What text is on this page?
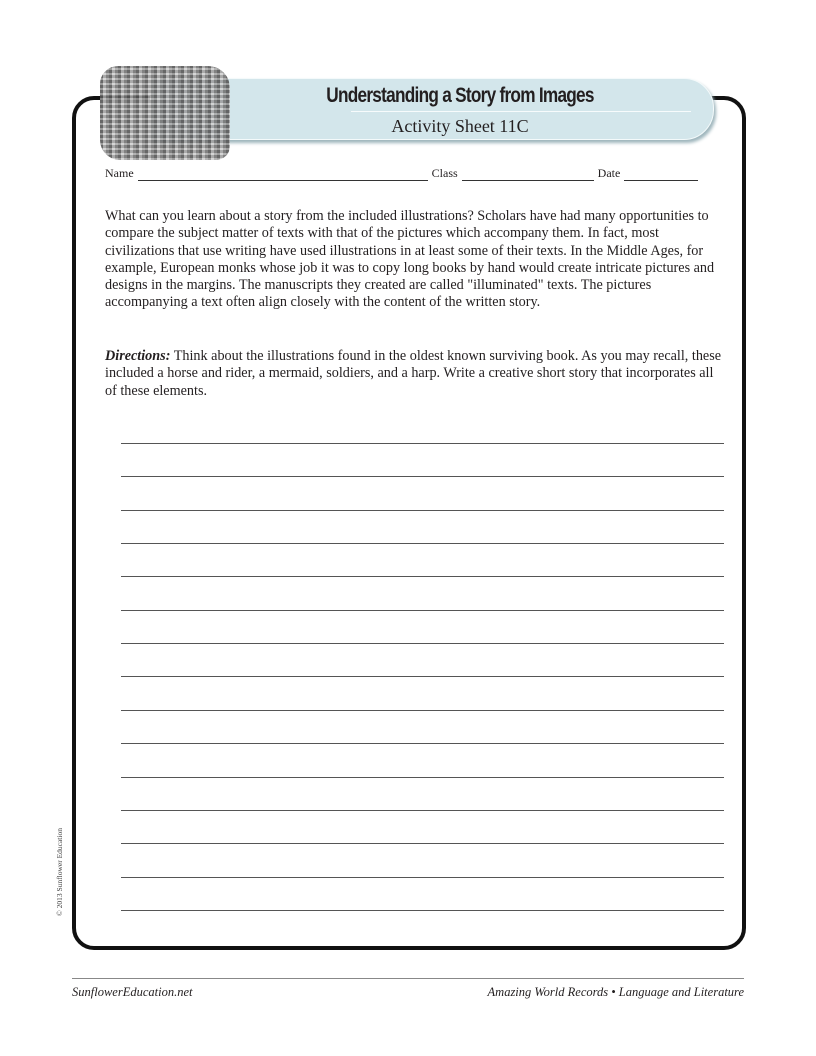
Understanding a Story from Images
Activity Sheet 11C
Name	Class	Date
What can you learn about a story from the included illustrations? Scholars have had many opportunities to compare the subject matter of texts with that of the pictures which accompany them. In fact, most civilizations that use writing have used illustrations in at least some of their texts. In the Middle Ages, for example, European monks whose job it was to copy long books by hand would create intricate pictures and designs in the margins. The manuscripts they created are called "illuminated" texts. The pictures accompanying a text often align closely with the content of the written story.
Directions: Think about the illustrations found in the oldest known surviving book. As you may recall, these included a horse and rider, a mermaid, soldiers, and a harp. Write a creative short story that incorporates all of these elements.
© 2013 Sunflower Education
SunflowerEducation.net	Amazing World Records • Language and Literature
